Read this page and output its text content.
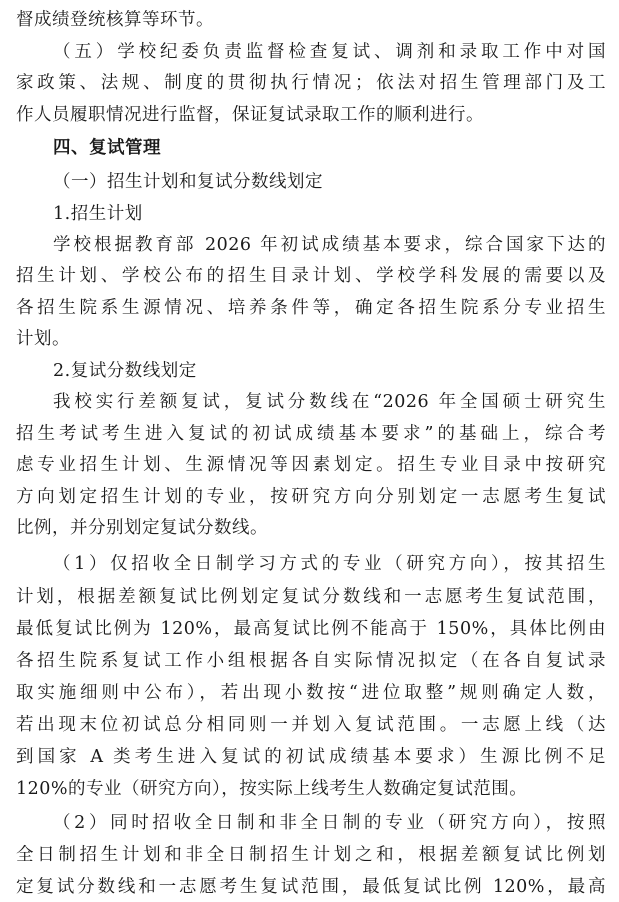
督成绩登统核算等环节。
（五）学校纪委负责监督检查复试、调剂和录取工作中对国
家政策、法规、制度的贯彻执行情况；依法对招生管理部门及工
作人员履职情况进行监督，保证复试录取工作的顺利进行。
四、复试管理
（一）招生计划和复试分数线划定
1.招生计划
学校根据教育部 2026 年初试成绩基本要求，综合国家下达的
招生计划、学校公布的招生目录计划、学校学科发展的需要以及
各招生院系生源情况、培养条件等，确定各招生院系分专业招生
计划。
2.复试分数线划定
我校实行差额复试，复试分数线在“2026 年全国硕士研究生
招生考试考生进入复试的初试成绩基本要求”的基础上，综合考
虑专业招生计划、生源情况等因素划定。招生专业目录中按研究
方向划定招生计划的专业，按研究方向分别划定一志愿考生复试
比例，并分别划定复试分数线。
（1）仅招收全日制学习方式的专业（研究方向），按其招生
计划，根据差额复试比例划定复试分数线和一志愿考生复试范围，
最低复试比例为 120%，最高复试比例不能高于 150%，具体比例由
各招生院系复试工作小组根据各自实际情况拟定（在各自复试录
取实施细则中公布），若出现小数按“进位取整”规则确定人数，
若出现末位初试总分相同则一并划入复试范围。一志愿上线（达
到国家 A 类考生进入复试的初试成绩基本要求）生源比例不足
120%的专业（研究方向），按实际上线考生人数确定复试范围。
（2）同时招收全日制和非全日制的专业（研究方向），按照
全日制招生计划和非全日制招生计划之和，根据差额复试比例划
定复试分数线和一志愿考生复试范围，最低复试比例 120%，最高
